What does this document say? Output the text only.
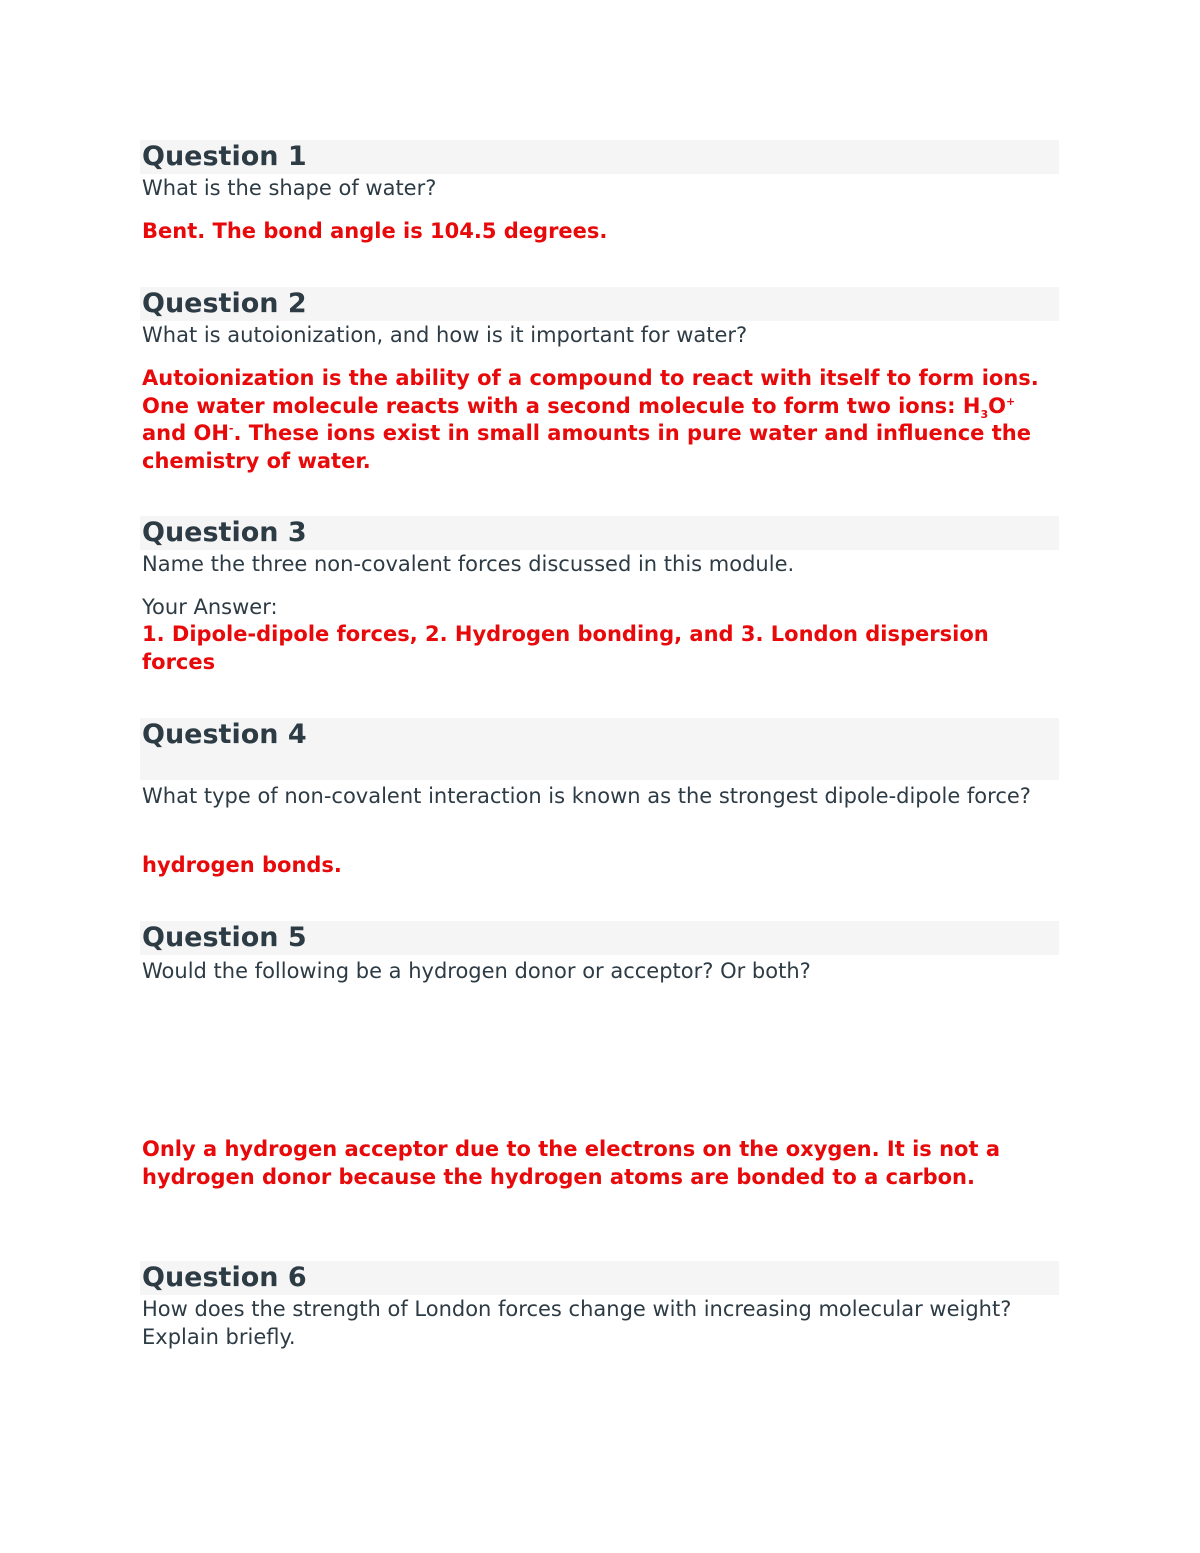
Question 1
What is the shape of water?
Bent. The bond angle is 104.5 degrees.
Question 2
What is autoionization, and how is it important for water?
Autoionization is the ability of a compound to react with itself to form ions. One water molecule reacts with a second molecule to form two ions: $H_3O^+$ and OH-. These ions exist in small amounts in pure water and influence the chemistry of water.
Question 3
Name the three non-covalent forces discussed in this module.
Your Answer:
1. Dipole-dipole forces, 2. Hydrogen bonding, and 3. London dispersion forces
Question 4
What type of non-covalent interaction is known as the strongest dipole-dipole force?
hydrogen bonds.
Question 5
Would the following be a hydrogen donor or acceptor? Or both?
Only a hydrogen acceptor due to the electrons on the oxygen. It is not a hydrogen donor because the hydrogen atoms are bonded to a carbon.
Question 6
How does the strength of London forces change with increasing molecular weight? Explain briefly.
